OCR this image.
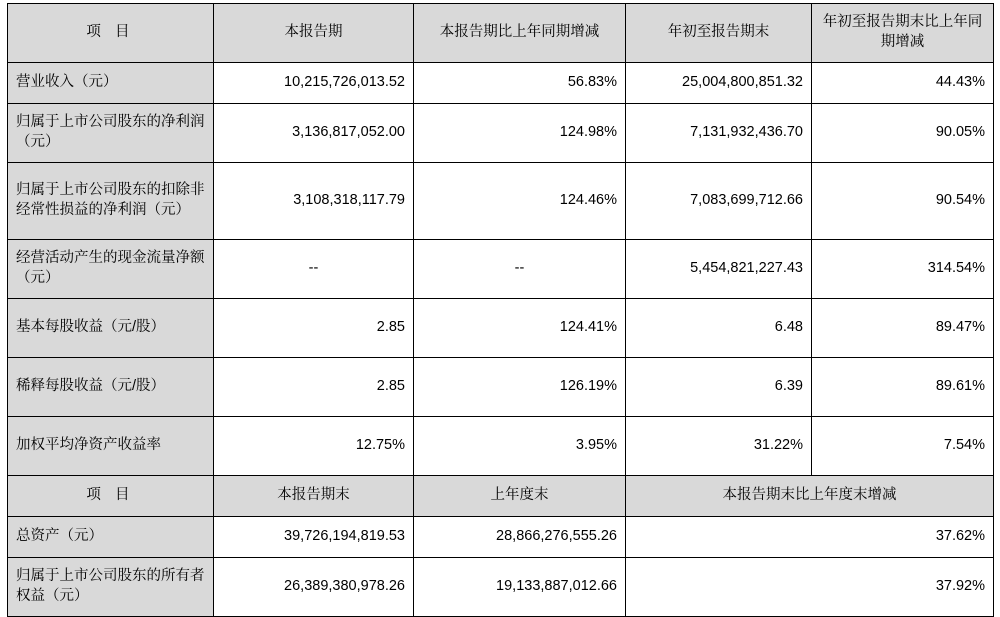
项 目	本报告期	本报告期比上年同期增减	年初至报告期末	年初至报告期末比上年同期增减
营业收入（元）	10,215,726,013.52	56.83%	25,004,800,851.32	44.43%
归属于上市公司股东的净利润（元）	3,136,817,052.00	124.98%	7,131,932,436.70	90.05%
归属于上市公司股东的扣除非经常性损益的净利润（元）	3,108,318,117.79	124.46%	7,083,699,712.66	90.54%
经营活动产生的现金流量净额（元）	--	--	5,454,821,227.43	314.54%
基本每股收益（元/股）	2.85	124.41%	6.48	89.47%
稀释每股收益（元/股）	2.85	126.19%	6.39	89.61%
加权平均净资产收益率	12.75%	3.95%	31.22%	7.54%
项 目	本报告期末	上年度末	本报告期末比上年度末增减	
总资产（元）	39,726,194,819.53	28,866,276,555.26	37.62%	
归属于上市公司股东的所有者权益（元）	26,389,380,978.26	19,133,887,012.66	37.92%	
